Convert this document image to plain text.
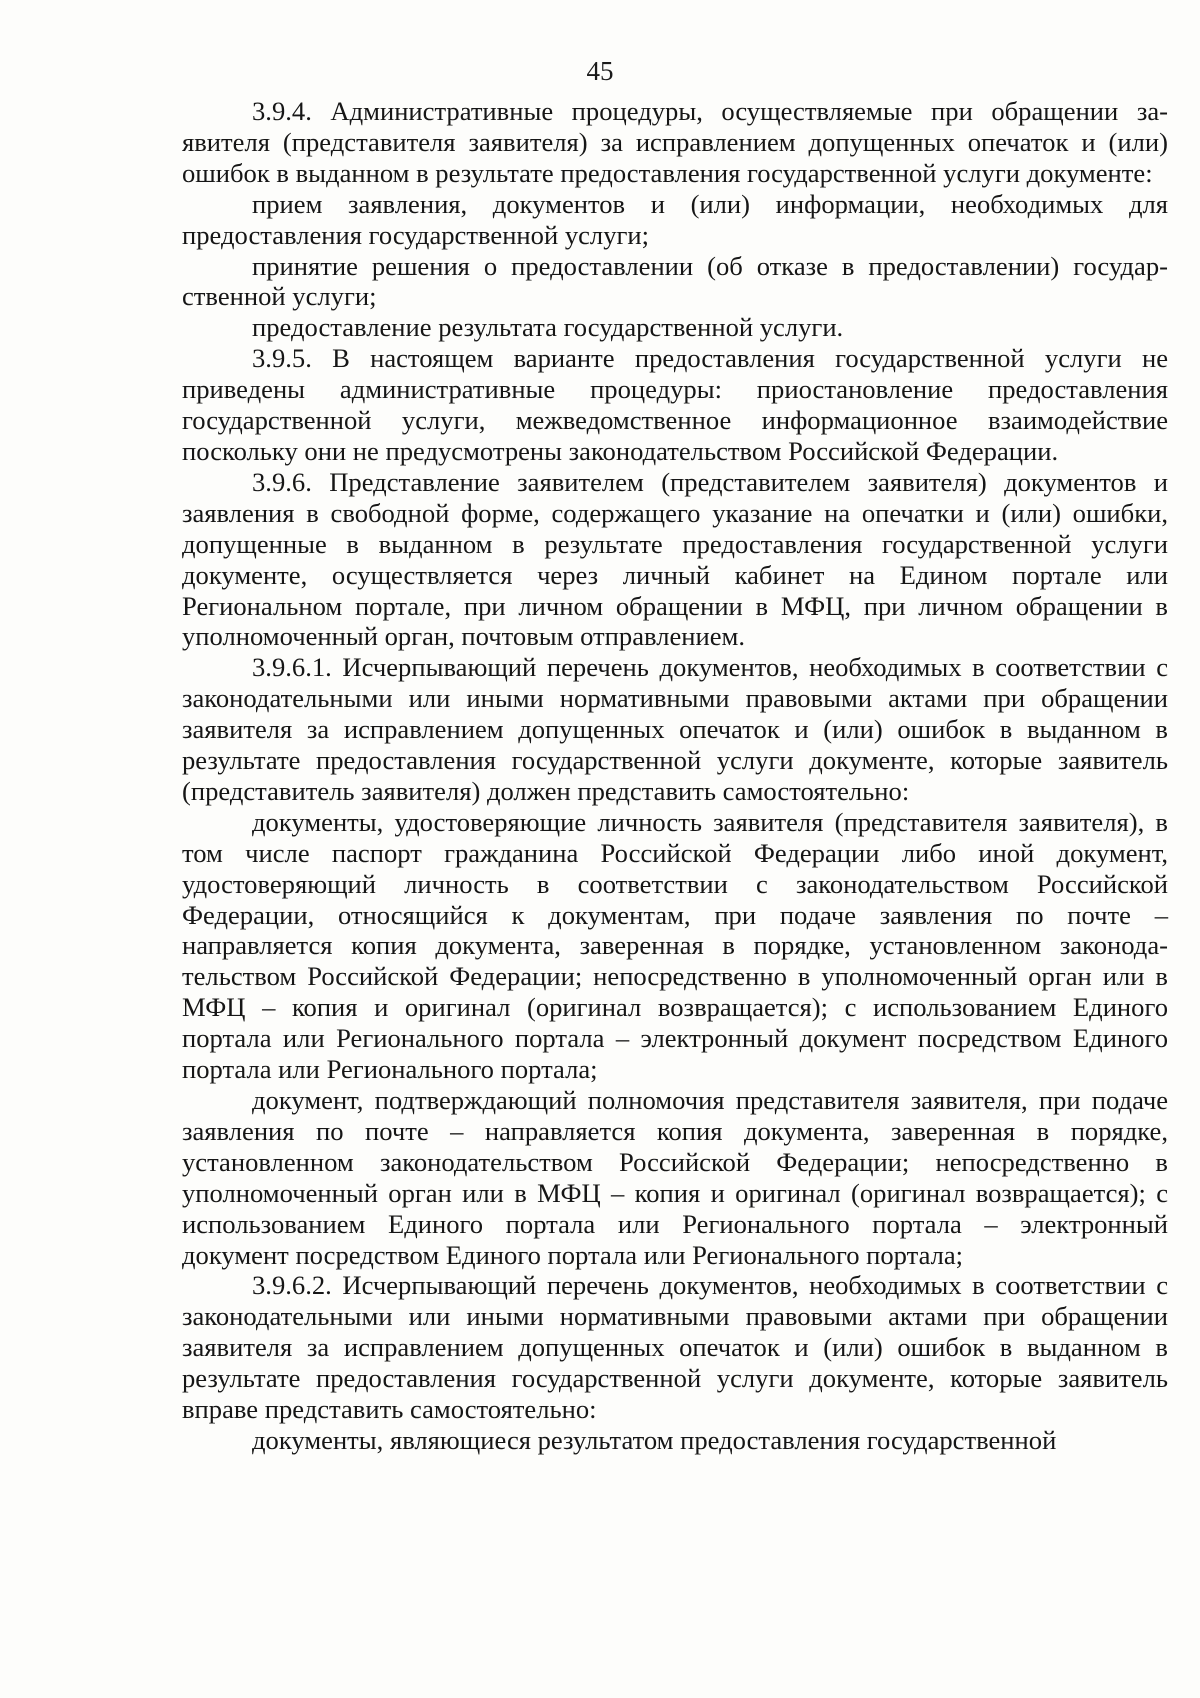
45

3.9.4. Административные процедуры, осуществляемые при обращении заявителя (представителя заявителя) за исправлением допущенных опечаток и (или) ошибок в выданном в результате предоставления государственной услуги документе:

прием заявления, документов и (или) информации, необходимых для предоставления государственной услуги;

принятие решения о предоставлении (об отказе в предоставлении) государственной услуги;

предоставление результата государственной услуги.

3.9.5. В настоящем варианте предоставления государственной услуги не приведены административные процедуры: приостановление предоставления государственной услуги, межведомственное информационное взаимодействие поскольку они не предусмотрены законодательством Российской Федерации.

3.9.6. Представление заявителем (представителем заявителя) документов и заявления в свободной форме, содержащего указание на опечатки и (или) ошибки, допущенные в выданном в результате предоставления государственной услуги документе, осуществляется через личный кабинет на Едином портале или Региональном портале, при личном обращении в МФЦ, при личном обращении в уполномоченный орган, почтовым отправлением.

3.9.6.1. Исчерпывающий перечень документов, необходимых в соответствии с законодательными или иными нормативными правовыми актами при обращении заявителя за исправлением допущенных опечаток и (или) ошибок в выданном в результате предоставления государственной услуги документе, которые заявитель (представитель заявителя) должен представить самостоятельно:

документы, удостоверяющие личность заявителя (представителя заявителя), в том числе паспорт гражданина Российской Федерации либо иной документ, удостоверяющий личность в соответствии с законодательством Российской Федерации, относящийся к документам, при подаче заявления по почте – направляется копия документа, заверенная в порядке, установленном законодательством Российской Федерации; непосредственно в уполномоченный орган или в МФЦ – копия и оригинал (оригинал возвращается); с использованием Единого портала или Регионального портала – электронный документ посредством Единого портала или Регионального портала;

документ, подтверждающий полномочия представителя заявителя, при подаче заявления по почте – направляется копия документа, заверенная в порядке, установленном законодательством Российской Федерации; непосредственно в уполномоченный орган или в МФЦ – копия и оригинал (оригинал возвращается); с использованием Единого портала или Регионального портала – электронный документ посредством Единого портала или Регионального портала;

3.9.6.2. Исчерпывающий перечень документов, необходимых в соответствии с законодательными или иными нормативными правовыми актами при обращении заявителя за исправлением допущенных опечаток и (или) ошибок в выданном в результате предоставления государственной услуги документе, которые заявитель вправе представить самостоятельно:

документы, являющиеся результатом предоставления государственной
